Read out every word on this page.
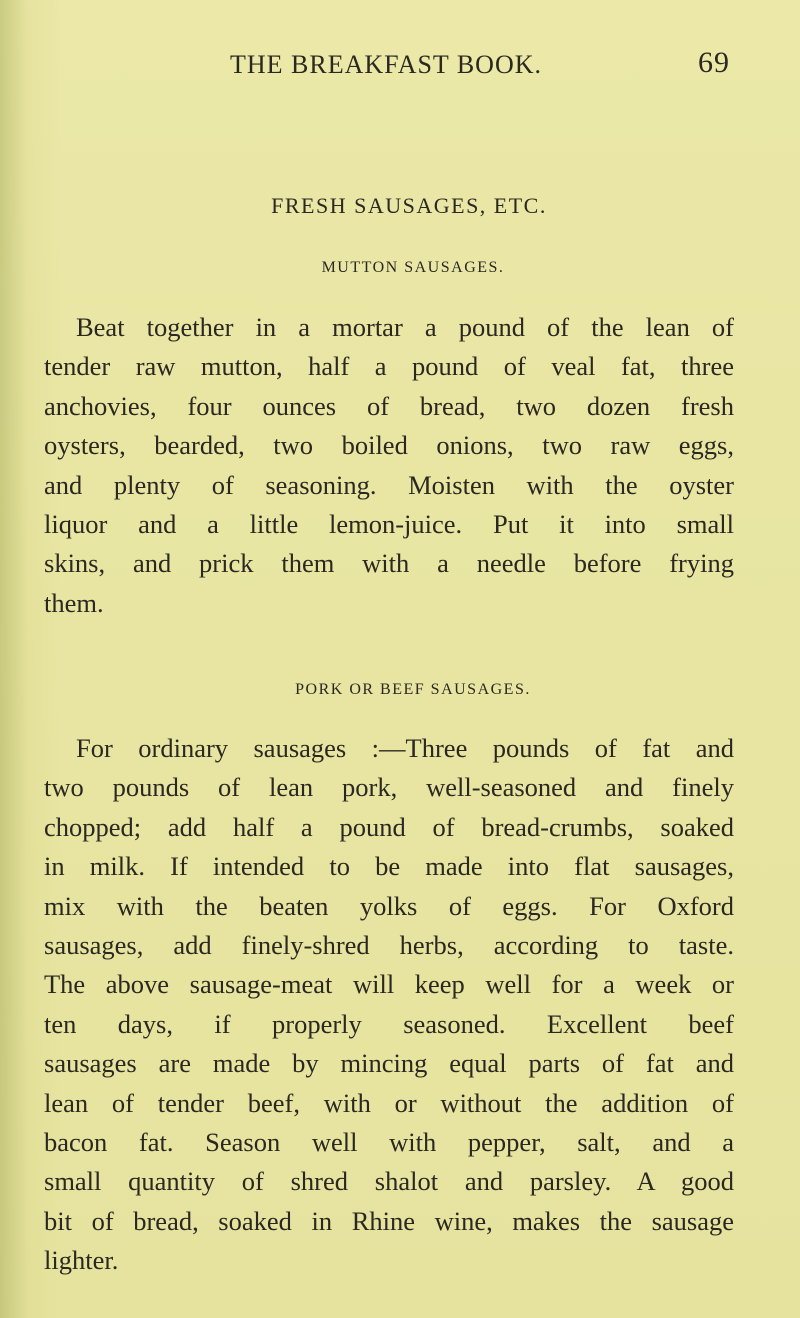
THE BREAKFAST BOOK.	69
FRESH SAUSAGES, ETC.
MUTTON SAUSAGES.

Beat together in a mortar a pound of the lean of
tender raw mutton, half a pound of veal fat, three
anchovies, four ounces of bread, two dozen fresh
oysters, bearded, two boiled onions, two raw eggs,
and plenty of seasoning. Moisten with the oyster
liquor and a little lemon-juice. Put it into small
skins, and prick them with a needle before frying
them.

PORK OR BEEF SAUSAGES.

For ordinary sausages :—Three pounds of fat and
two pounds of lean pork, well-seasoned and finely
chopped; add half a pound of bread-crumbs, soaked
in milk. If intended to be made into flat sausages,
mix with the beaten yolks of eggs. For Oxford
sausages, add finely-shred herbs, according to taste.
The above sausage-meat will keep well for a week or
ten days, if properly seasoned. Excellent beef
sausages are made by mincing equal parts of fat and
lean of tender beef, with or without the addition of
bacon fat. Season well with pepper, salt, and a
small quantity of shred shalot and parsley. A good
bit of bread, soaked in Rhine wine, makes the sausage
lighter.
